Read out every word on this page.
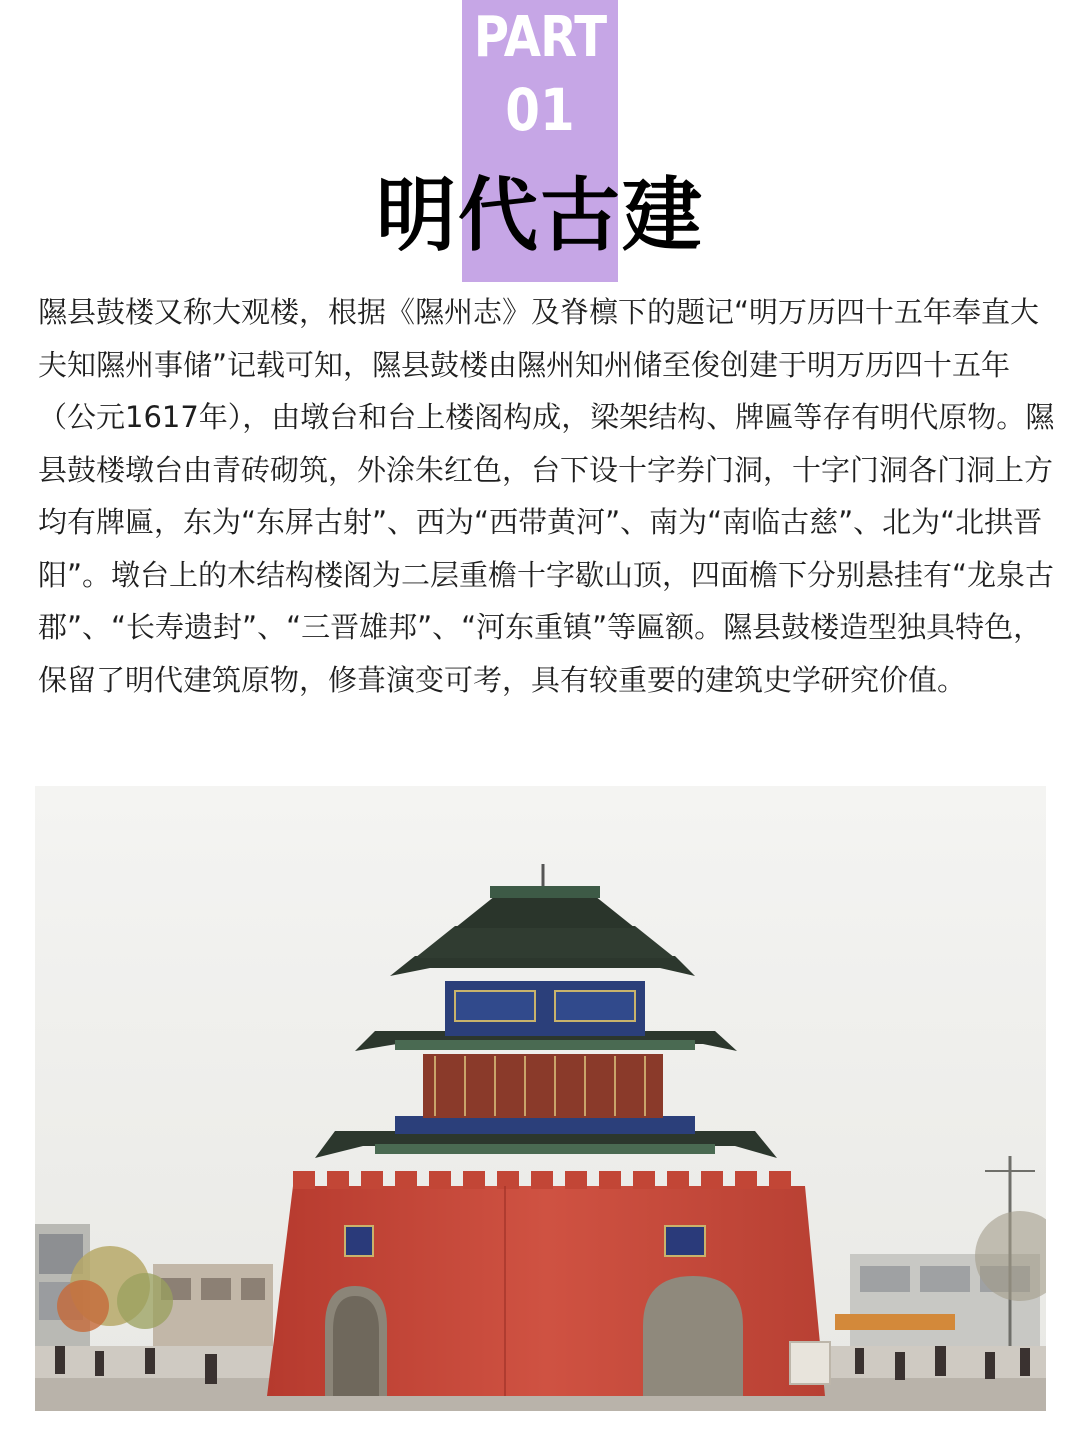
PART
01
明代古建

隰县鼓楼又称大观楼，根据《隰州志》及脊檩下的题记“明万历四十五年奉直大夫知隰州事储”记载可知，隰县鼓楼由隰州知州储至俊创建于明万历四十五年（公元1617年），由墩台和台上楼阁构成，梁架结构、牌匾等存有明代原物。隰县鼓楼墩台由青砖砌筑，外涂朱红色，台下设十字券门洞，十字门洞各门洞上方均有牌匾，东为“东屏古射”、西为“西带黄河”、南为“南临古慈”、北为“北拱晋阳”。墩台上的木结构楼阁为二层重檐十字歇山顶，四面檐下分别悬挂有“龙泉古郡”、“长寿遗封”、“三晋雄邦”、“河东重镇”等匾额。隰县鼓楼造型独具特色，保留了明代建筑原物，修葺演变可考，具有较重要的建筑史学研究价值。
